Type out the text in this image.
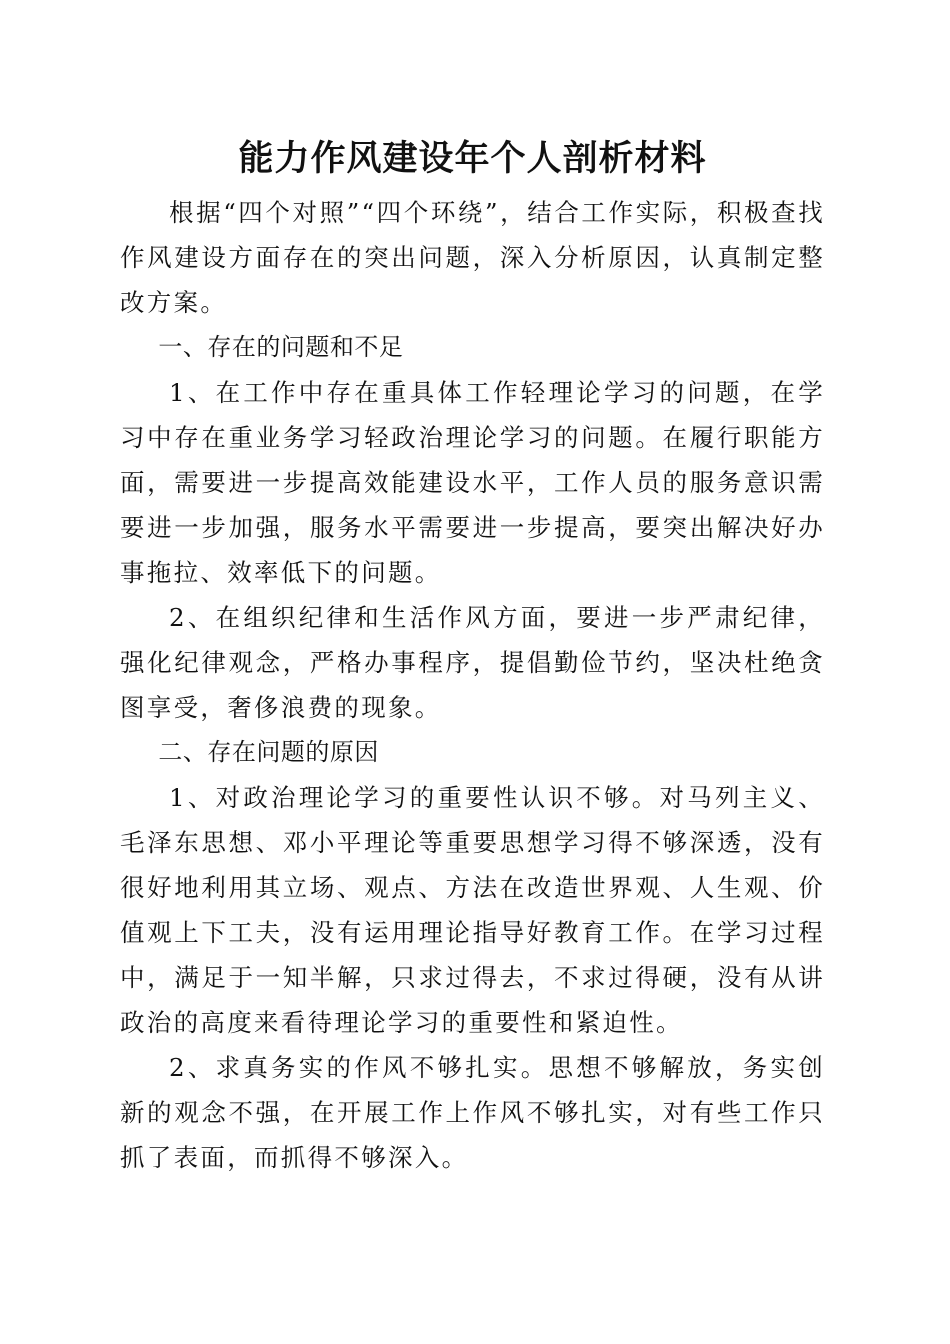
能力作风建设年个人剖析材料

根据“四个对照”“四个环绕”，结合工作实际，积极查找作风建设方面存在的突出问题，深入分析原因，认真制定整改方案。

一、存在的问题和不足

1、在工作中存在重具体工作轻理论学习的问题，在学习中存在重业务学习轻政治理论学习的问题。在履行职能方面，需要进一步提高效能建设水平，工作人员的服务意识需要进一步加强，服务水平需要进一步提高，要突出解决好办事拖拉、效率低下的问题。

2、在组织纪律和生活作风方面，要进一步严肃纪律，强化纪律观念，严格办事程序，提倡勤俭节约，坚决杜绝贪图享受，奢侈浪费的现象。

二、存在问题的原因

1、对政治理论学习的重要性认识不够。对马列主义、毛泽东思想、邓小平理论等重要思想学习得不够深透，没有很好地利用其立场、观点、方法在改造世界观、人生观、价值观上下工夫，没有运用理论指导好教育工作。在学习过程中，满足于一知半解，只求过得去，不求过得硬，没有从讲政治的高度来看待理论学习的重要性和紧迫性。

2、求真务实的作风不够扎实。思想不够解放，务实创新的观念不强，在开展工作上作风不够扎实，对有些工作只抓了表面，而抓得不够深入。
